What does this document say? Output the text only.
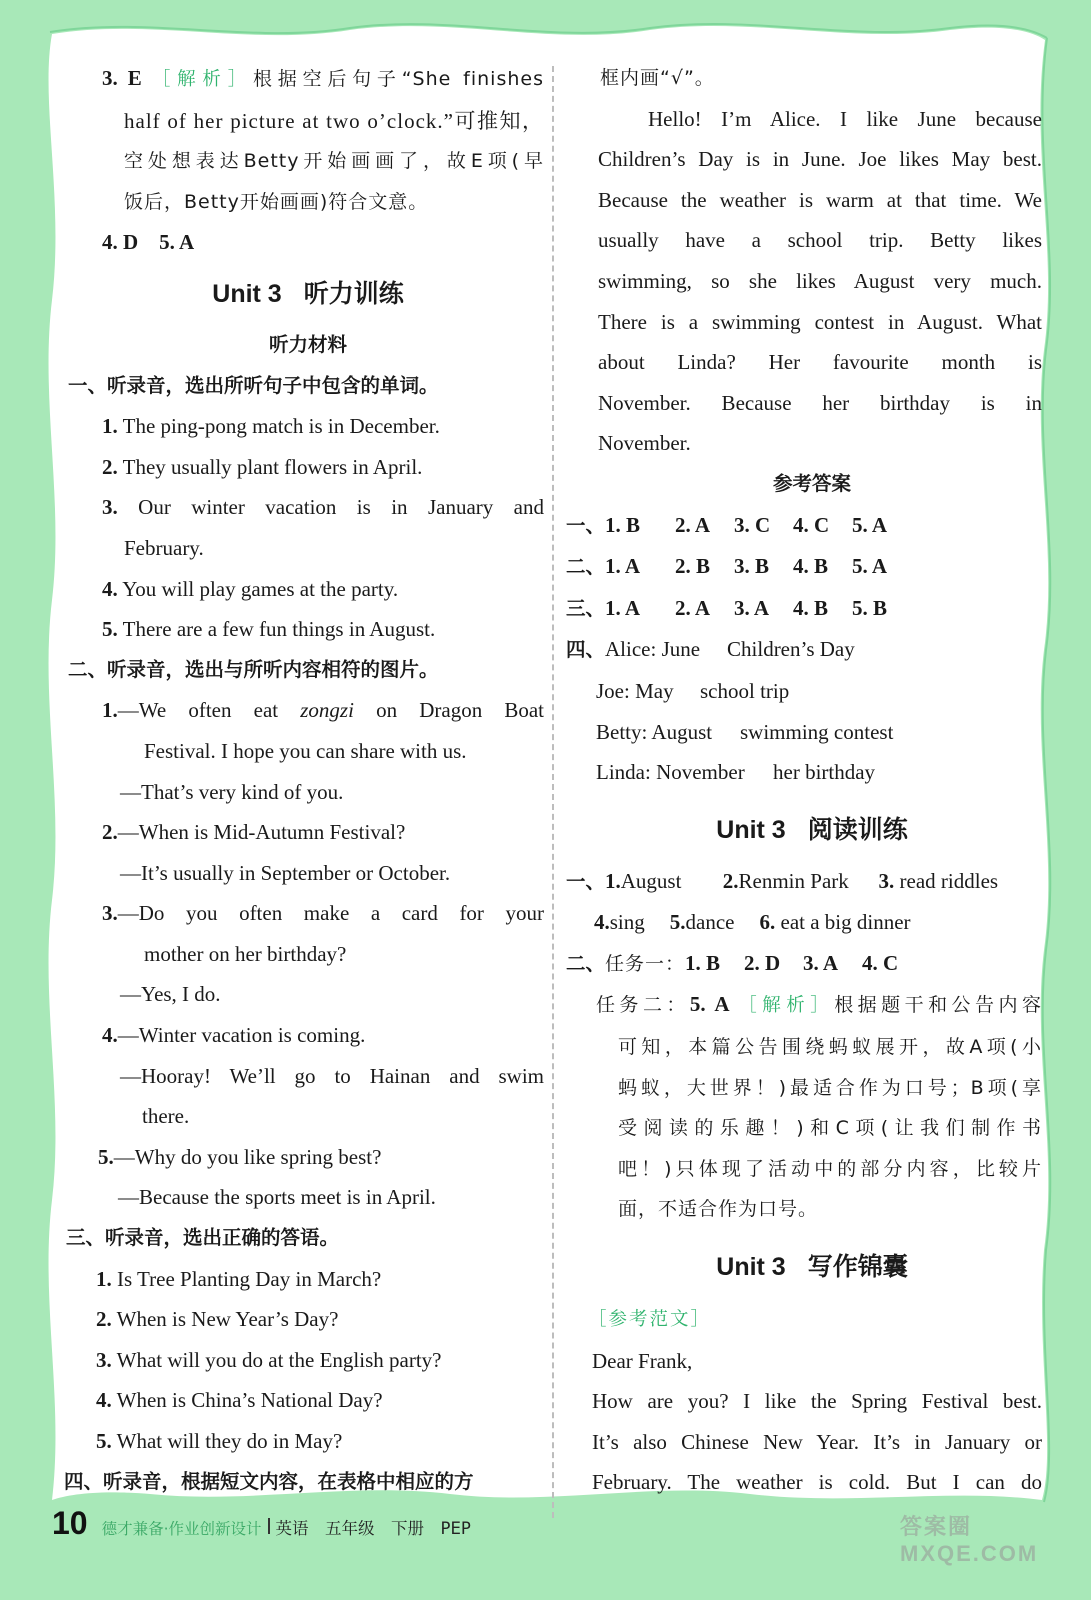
3. E ［解析］根据空后句子“She finishes
half of her picture at two o’clock.”可推知，
空处想表达Betty开始画画了，故E项(早
饭后，Betty开始画画)符合文意。
4. D　5. A
Unit 3 听力训练
听力材料
一、听录音，选出所听句子中包含的单词。
1. The ping-pong match is in December.
2. They usually plant flowers in April.
3. Our winter vacation is in January and
February.
4. You will play games at the party.
5. There are a few fun things in August.
二、听录音，选出与所听内容相符的图片。
1.—We often eat zongzi on Dragon Boat
Festival. I hope you can share with us.
—That’s very kind of you.
2.—When is Mid-Autumn Festival?
—It’s usually in September or October.
3.—Do you often make a card for your
mother on her birthday?
—Yes, I do.
4.—Winter vacation is coming.
—Hooray! We’ll go to Hainan and swim
there.
5.—Why do you like spring best?
—Because the sports meet is in April.
三、听录音，选出正确的答语。
1. Is Tree Planting Day in March?
2. When is New Year’s Day?
3. What will you do at the English party?
4. When is China’s National Day?
5. What will they do in May?
四、听录音，根据短文内容，在表格中相应的方
框内画“√”。
Hello! I’m Alice. I like June because
Children’s Day is in June. Joe likes May best.
Because the weather is warm at that time. We
usually have a school trip. Betty likes
swimming, so she likes August very much.
There is a swimming contest in August. What
about Linda? Her favourite month is
November. Because her birthday is in
November.
参考答案
一、1. B 2. A 3. C 4. C 5. A
二、1. A 2. B 3. B 4. B 5. A
三、1. A 2. A 3. A 4. B 5. B
四、Alice: June Children’s Day
Joe: May school trip
Betty: August swimming contest
Linda: November her birthday
Unit 3 阅读训练
一、1.August 2.Renmin Park 3. read riddles
4.sing 5.dance 6. eat a big dinner
二、任务一：1. B 2. D 3. A 4. C
任务二：5. A ［解析］根据题干和公告内容
可知，本篇公告围绕蚂蚁展开，故A项(小
蚂蚁，大世界！)最适合作为口号；B项(享
受阅读的乐趣！)和C项(让我们制作书
吧！)只体现了活动中的部分内容，比较片
面，不适合作为口号。
Unit 3 写作锦囊
［参考范文］
Dear Frank,
How are you? I like the Spring Festival best.
It’s also Chinese New Year. It’s in January or
February. The weather is cold. But I can do
10 德才兼备·作业创新设计 英语　五年级　下册　PEP	答案圈 MXQE.COM
